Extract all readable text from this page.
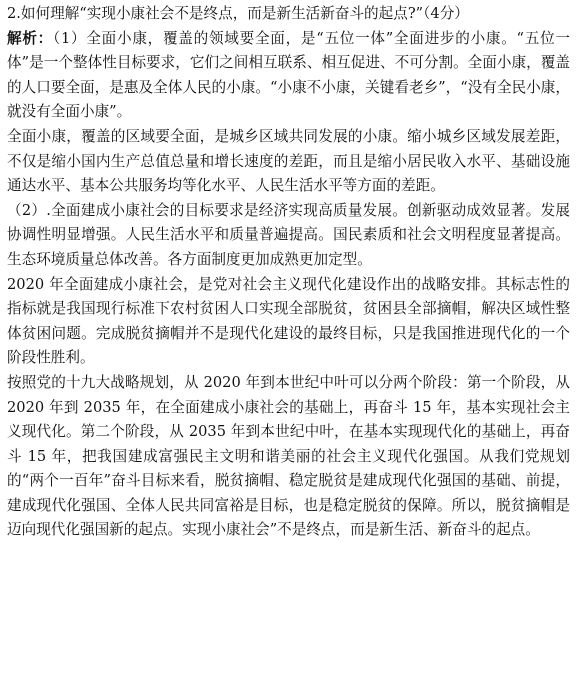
2.如何理解“实现小康社会不是终点，而是新生活新奋斗的起点?”（4分）

解析：（1）全面小康，覆盖的领域要全面，是“五位一体”全面进步的小康。“五位一体”是一个整体性目标要求，它们之间相互联系、相互促进、不可分割。全面小康，覆盖的人口要全面，是惠及全体人民的小康。“小康不小康，关键看老乡”，“没有全民小康，就没有全面小康”。

全面小康，覆盖的区域要全面，是城乡区域共同发展的小康。缩小城乡区域发展差距，不仅是缩小国内生产总值总量和增长速度的差距，而且是缩小居民收入水平、基础设施通达水平、基本公共服务均等化水平、人民生活水平等方面的差距。

（2）.全面建成小康社会的目标要求是经济实现高质量发展。创新驱动成效显著。发展协调性明显增强。人民生活水平和质量普遍提高。国民素质和社会文明程度显著提高。生态环境质量总体改善。各方面制度更加成熟更加定型。

2020 年全面建成小康社会，是党对社会主义现代化建设作出的战略安排。其标志性的指标就是我国现行标准下农村贫困人口实现全部脱贫，贫困县全部摘帽，解决区域性整体贫困问题。完成脱贫摘帽并不是现代化建设的最终目标，只是我国推进现代化的一个阶段性胜利。

按照党的十九大战略规划，从 2020 年到本世纪中叶可以分两个阶段：第一个阶段，从 2020 年到 2035 年，在全面建成小康社会的基础上，再奋斗 15 年，基本实现社会主义现代化。第二个阶段，从 2035 年到本世纪中叶，在基本实现现代化的基础上，再奋斗 15 年，把我国建成富强民主文明和谐美丽的社会主义现代化强国。从我们党规划的“两个一百年”奋斗目标来看，脱贫摘帽、稳定脱贫是建成现代化强国的基础、前提，建成现代化强国、全体人民共同富裕是目标，也是稳定脱贫的保障。所以，脱贫摘帽是迈向现代化强国新的起点。实现小康社会”不是终点，而是新生活、新奋斗的起点。
